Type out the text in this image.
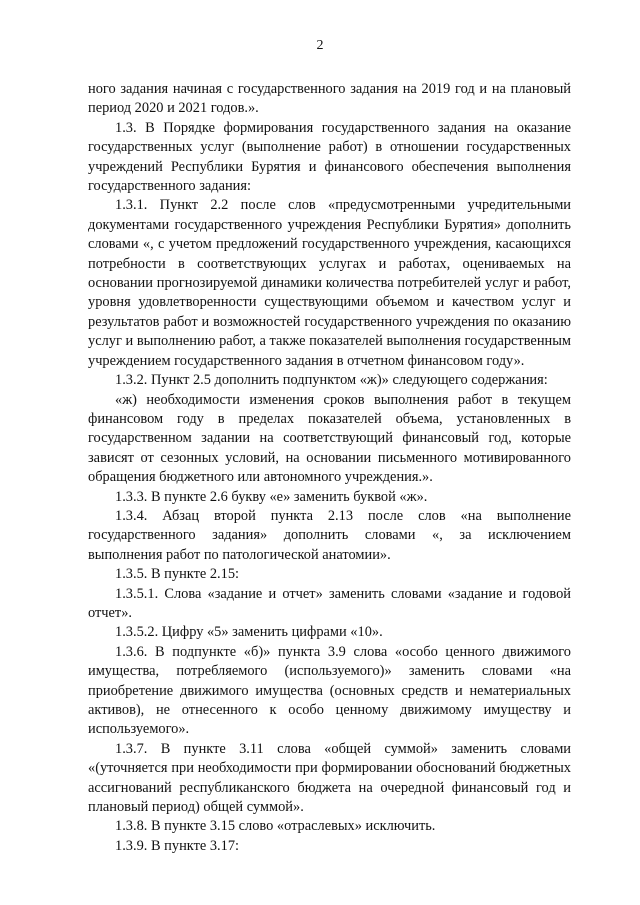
2

ного задания начиная с государственного задания на 2019 год и на плановый период 2020 и 2021 годов.».

1.3. В Порядке формирования государственного задания на оказание государственных услуг (выполнение работ) в отношении государственных учреждений Республики Бурятия и финансового обеспечения выполнения государственного задания:

1.3.1. Пункт 2.2 после слов «предусмотренными учредительными документами государственного учреждения Республики Бурятия» дополнить словами «, с учетом предложений государственного учреждения, касающихся потребности в соответствующих услугах и работах, оцениваемых на основании прогнозируемой динамики количества потребителей услуг и работ, уровня удовлетворенности существующими объемом и качеством услуг и результатов работ и возможностей государственного учреждения по оказанию услуг и выполнению работ, а также показателей выполнения государственным учреждением государственного задания в отчетном финансовом году».

1.3.2. Пункт 2.5 дополнить подпунктом «ж)» следующего содержания:

«ж) необходимости изменения сроков выполнения работ в текущем финансовом году в пределах показателей объема, установленных в государственном задании на соответствующий финансовый год, которые зависят от сезонных условий, на основании письменного мотивированного обращения бюджетного или автономного учреждения.».

1.3.3. В пункте 2.6 букву «е» заменить буквой «ж».

1.3.4. Абзац второй пункта 2.13 после слов «на выполнение государственного задания» дополнить словами «, за исключением выполнения работ по патологической анатомии».

1.3.5. В пункте 2.15:

1.3.5.1. Слова «задание и отчет» заменить словами «задание и годовой отчет».

1.3.5.2. Цифру «5» заменить цифрами «10».

1.3.6. В подпункте «б)» пункта 3.9 слова «особо ценного движимого имущества, потребляемого (используемого)» заменить словами «на приобретение движимого имущества (основных средств и нематериальных активов), не отнесенного к особо ценному движимому имуществу и используемого».

1.3.7. В пункте 3.11 слова «общей суммой» заменить словами «(уточняется при необходимости при формировании обоснований бюджетных ассигнований республиканского бюджета на очередной финансовый год и плановый период) общей суммой».

1.3.8. В пункте 3.15 слово «отраслевых» исключить.

1.3.9. В пункте 3.17:
